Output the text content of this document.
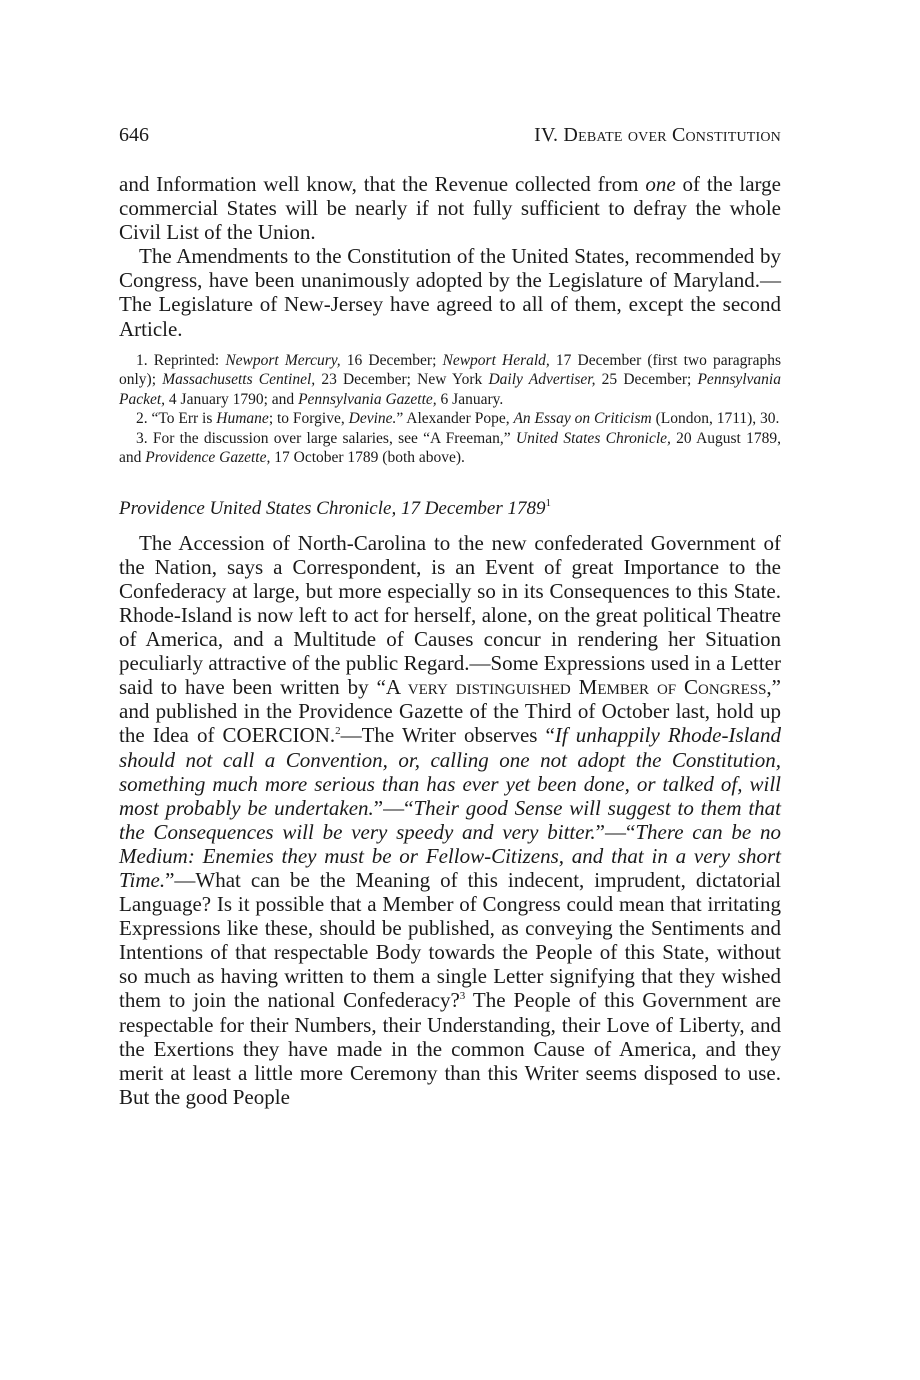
646	IV. Debate over Constitution

and Information well know, that the Revenue collected from one of the large commercial States will be nearly if not fully sufficient to defray the whole Civil List of the Union.

The Amendments to the Constitution of the United States, recommended by Congress, have been unanimously adopted by the Legislature of Maryland.—The Legislature of New-Jersey have agreed to all of them, except the second Article.

1. Reprinted: Newport Mercury, 16 December; Newport Herald, 17 December (first two paragraphs only); Massachusetts Centinel, 23 December; New York Daily Advertiser, 25 December; Pennsylvania Packet, 4 January 1790; and Pennsylvania Gazette, 6 January.

2. “To Err is Humane; to Forgive, Devine.” Alexander Pope, An Essay on Criticism (London, 1711), 30.

3. For the discussion over large salaries, see “A Freeman,” United States Chronicle, 20 August 1789, and Providence Gazette, 17 October 1789 (both above).

Providence United States Chronicle, 17 December 1789$^1$

The Accession of North-Carolina to the new confederated Government of the Nation, says a Correspondent, is an Event of great Importance to the Confederacy at large, but more especially so in its Consequences to this State. Rhode-Island is now left to act for herself, alone, on the great political Theatre of America, and a Multitude of Causes concur in rendering her Situation peculiarly attractive of the public Regard.—Some Expressions used in a Letter said to have been written by “A very distinguished Member of Congress,” and published in the Providence Gazette of the Third of October last, hold up the Idea of COERCION.$^2$—The Writer observes “If unhappily Rhode-Island should not call a Convention, or, calling one not adopt the Constitution, something much more serious than has ever yet been done, or talked of, will most probably be undertaken.”—“Their good Sense will suggest to them that the Consequences will be very speedy and very bitter.”—“There can be no Medium: Enemies they must be or Fellow-Citizens, and that in a very short Time.”—What can be the Meaning of this indecent, imprudent, dictatorial Language? Is it possible that a Member of Congress could mean that irritating Expressions like these, should be published, as conveying the Sentiments and Intentions of that respectable Body towards the People of this State, without so much as having written to them a single Letter signifying that they wished them to join the national Confederacy?$^3$ The People of this Government are respectable for their Numbers, their Understanding, their Love of Liberty, and the Exertions they have made in the common Cause of America, and they merit at least a little more Ceremony than this Writer seems disposed to use. But the good People
